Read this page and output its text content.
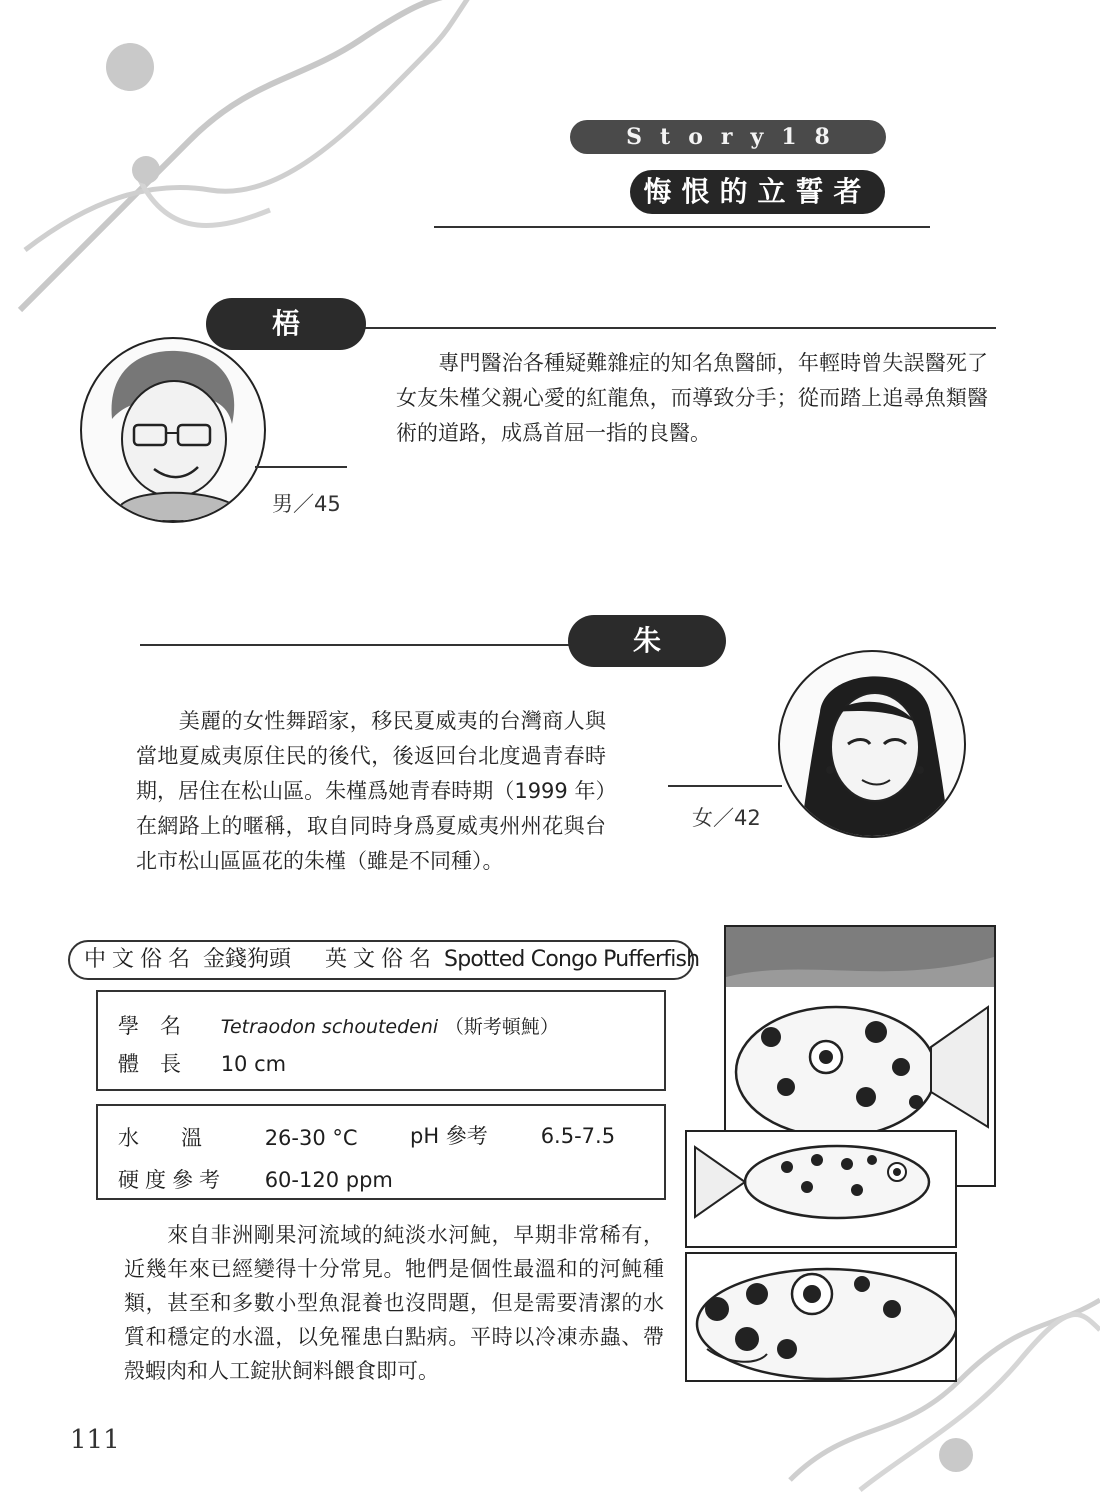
Story18
悔恨的立誓者
梧 桐
男／45
　　專門醫治各種疑難雜症的知名魚醫師，年輕時曾失誤醫死了女友朱槿父親心愛的紅龍魚，而導致分手；從而踏上追尋魚類醫術的道路，成爲首屈一指的良醫。
朱 槿
女／42
　　美麗的女性舞蹈家，移民夏威夷的台灣商人與當地夏威夷原住民的後代，後返回台北度過青春時期，居住在松山區。朱槿爲她青春時期（1999 年）在網路上的暱稱，取自同時身爲夏威夷州州花與台北市松山區區花的朱槿（雖是不同種）。
中文俗名 金錢狗頭 英文俗名 Spotted Congo Pufferfish
學　名 Tetraodon schoutedeni （斯考頓魨）
體　長 10 cm
水　　溫	26-30 °C pH 參考	6.5-7.5
硬度參考 60-120 ppm
　　來自非洲剛果河流域的純淡水河魨，早期非常稀有，近幾年來已經變得十分常見。牠們是個性最溫和的河魨種類，甚至和多數小型魚混養也沒問題，但是需要清潔的水質和穩定的水溫，以免罹患白點病。平時以冷凍赤蟲、帶殼蝦肉和人工錠狀飼料餵食即可。
111
